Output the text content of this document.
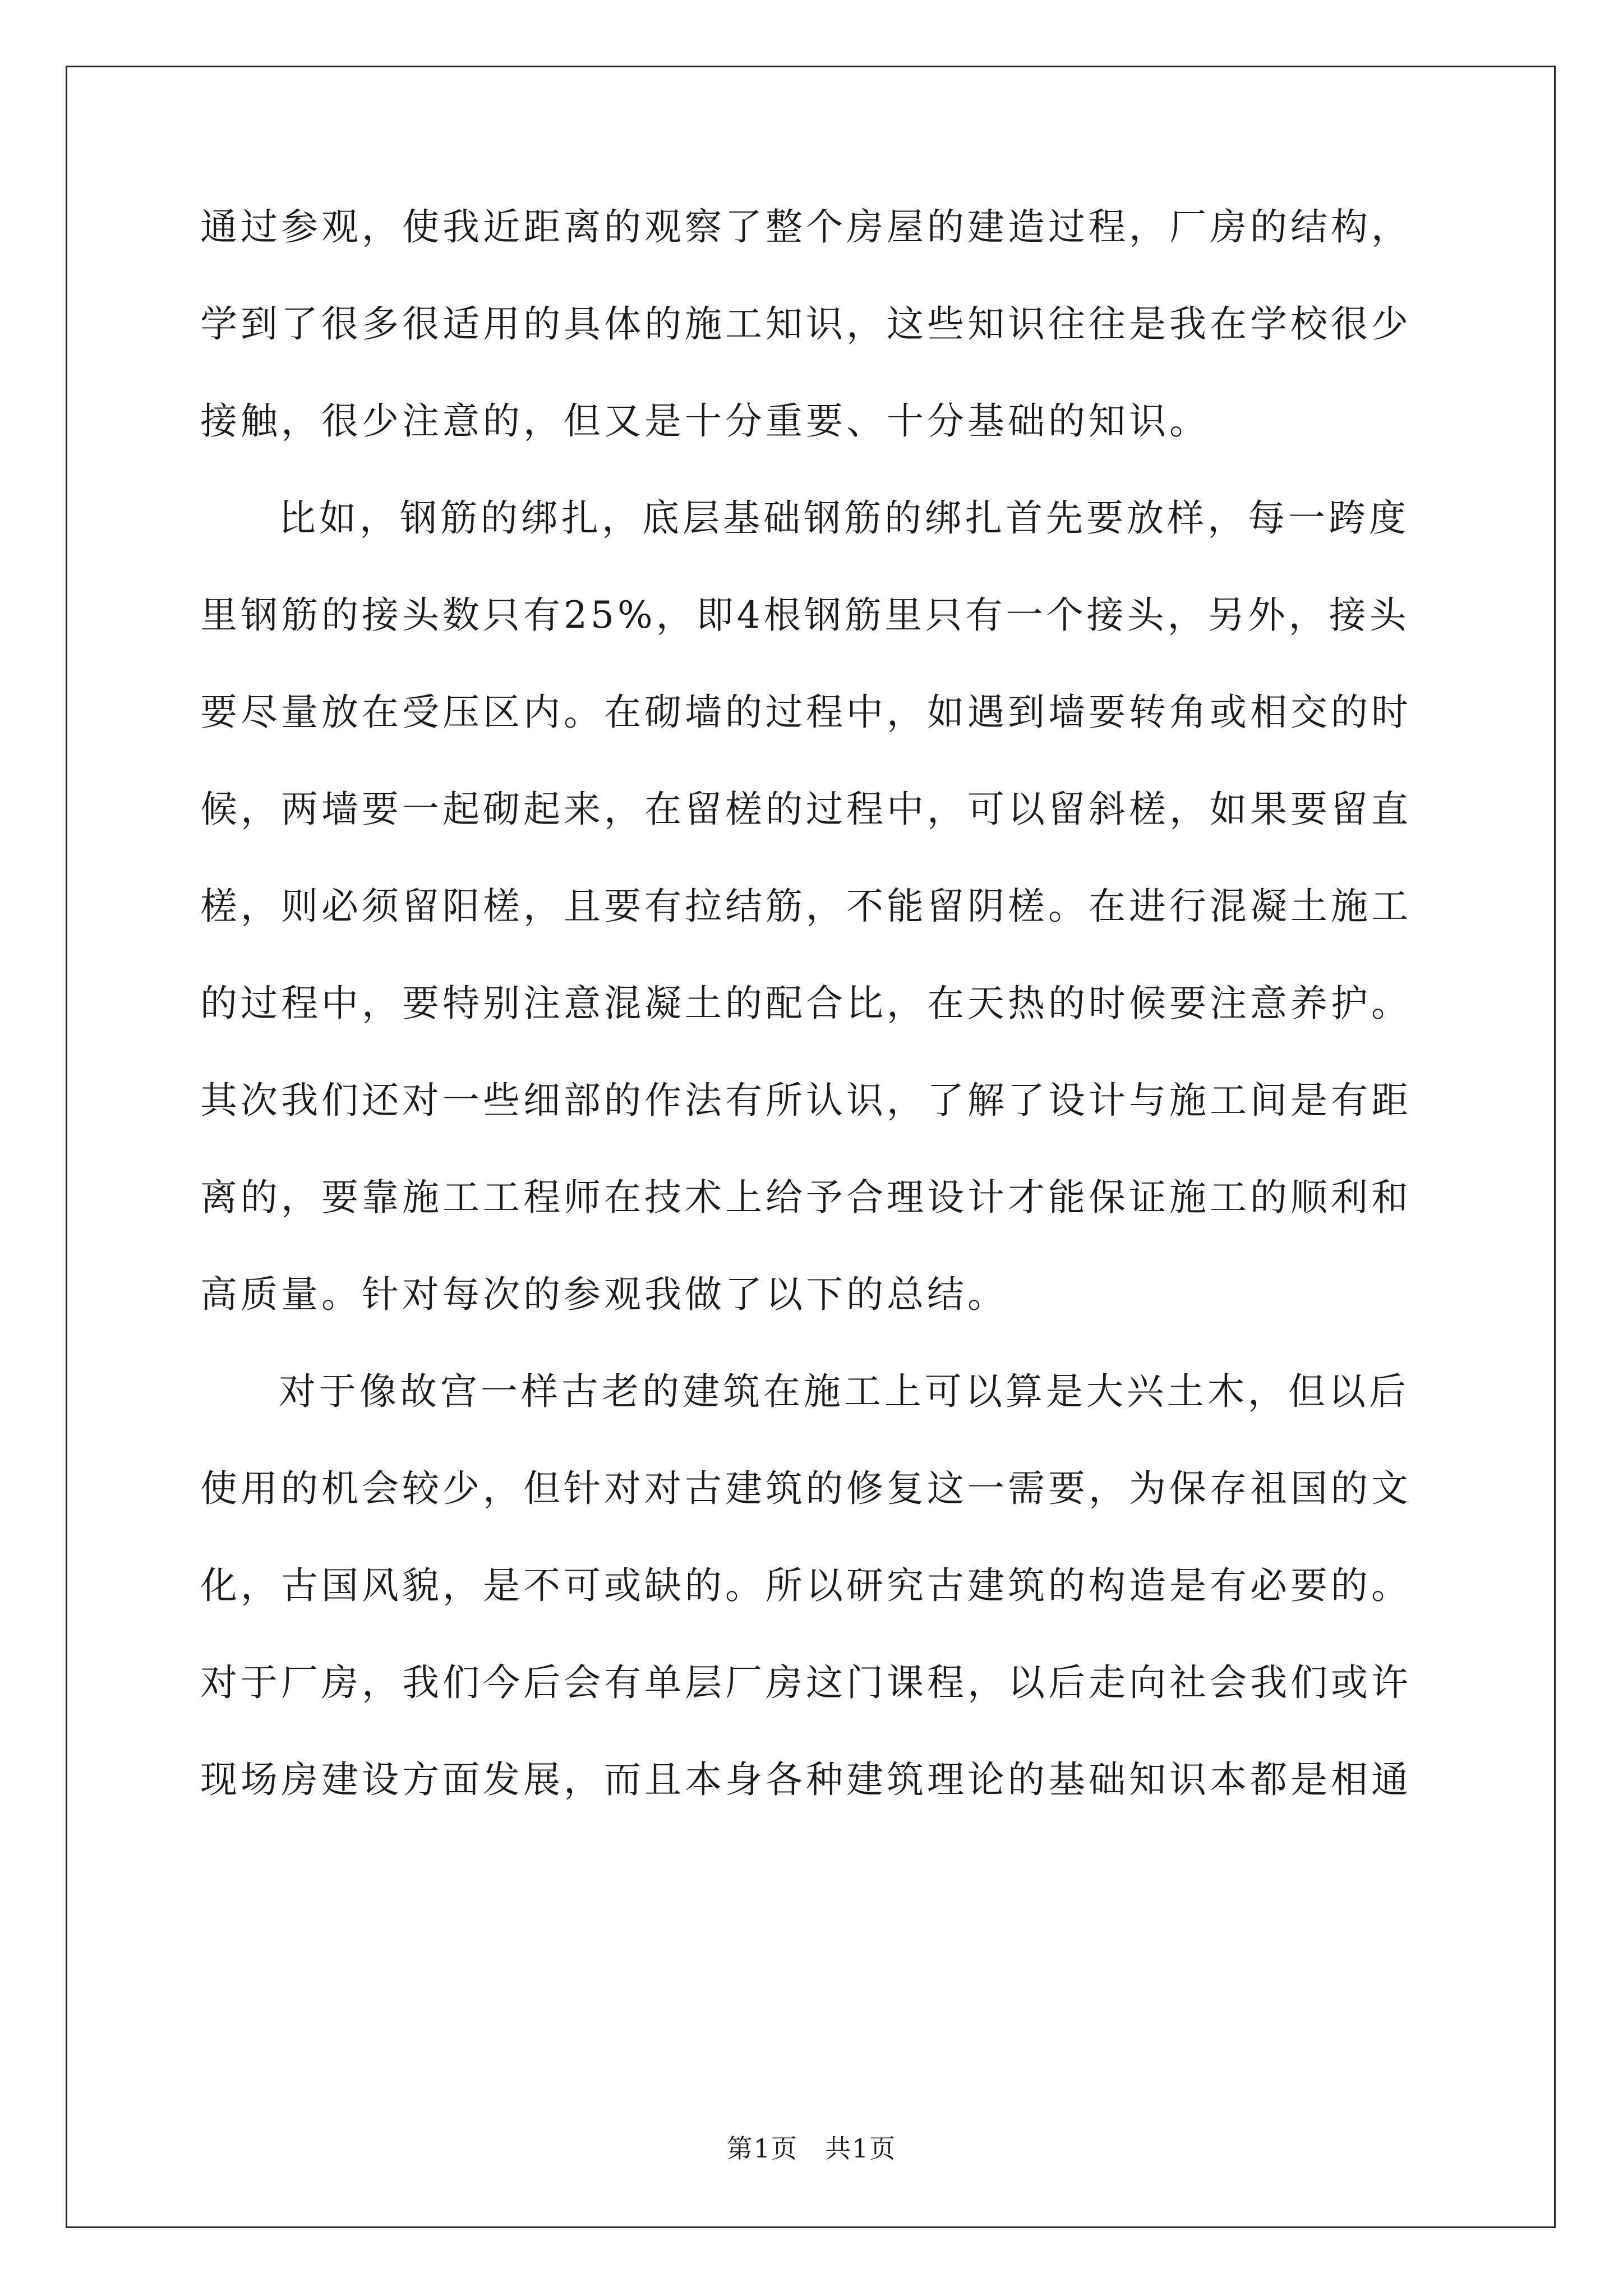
通过参观，使我近距离的观察了整个房屋的建造过程，厂房的结构，
学到了很多很适用的具体的施工知识，这些知识往往是我在学校很少
接触，很少注意的，但又是十分重要、十分基础的知识。
比如，钢筋的绑扎，底层基础钢筋的绑扎首先要放样，每一跨度
里钢筋的接头数只有25%，即4根钢筋里只有一个接头，另外，接头
要尽量放在受压区内。在砌墙的过程中，如遇到墙要转角或相交的时
候，两墙要一起砌起来，在留槎的过程中，可以留斜槎，如果要留直
槎，则必须留阳槎，且要有拉结筋，不能留阴槎。在进行混凝土施工
的过程中，要特别注意混凝土的配合比，在天热的时候要注意养护。
其次我们还对一些细部的作法有所认识，了解了设计与施工间是有距
离的，要靠施工工程师在技术上给予合理设计才能保证施工的顺利和
高质量。针对每次的参观我做了以下的总结。
对于像故宫一样古老的建筑在施工上可以算是大兴土木，但以后
使用的机会较少，但针对对古建筑的修复这一需要，为保存祖国的文
化，古国风貌，是不可或缺的。所以研究古建筑的构造是有必要的。
对于厂房，我们今后会有单层厂房这门课程，以后走向社会我们或许
现场房建设方面发展，而且本身各种建筑理论的基础知识本都是相通
第1页　共1页
